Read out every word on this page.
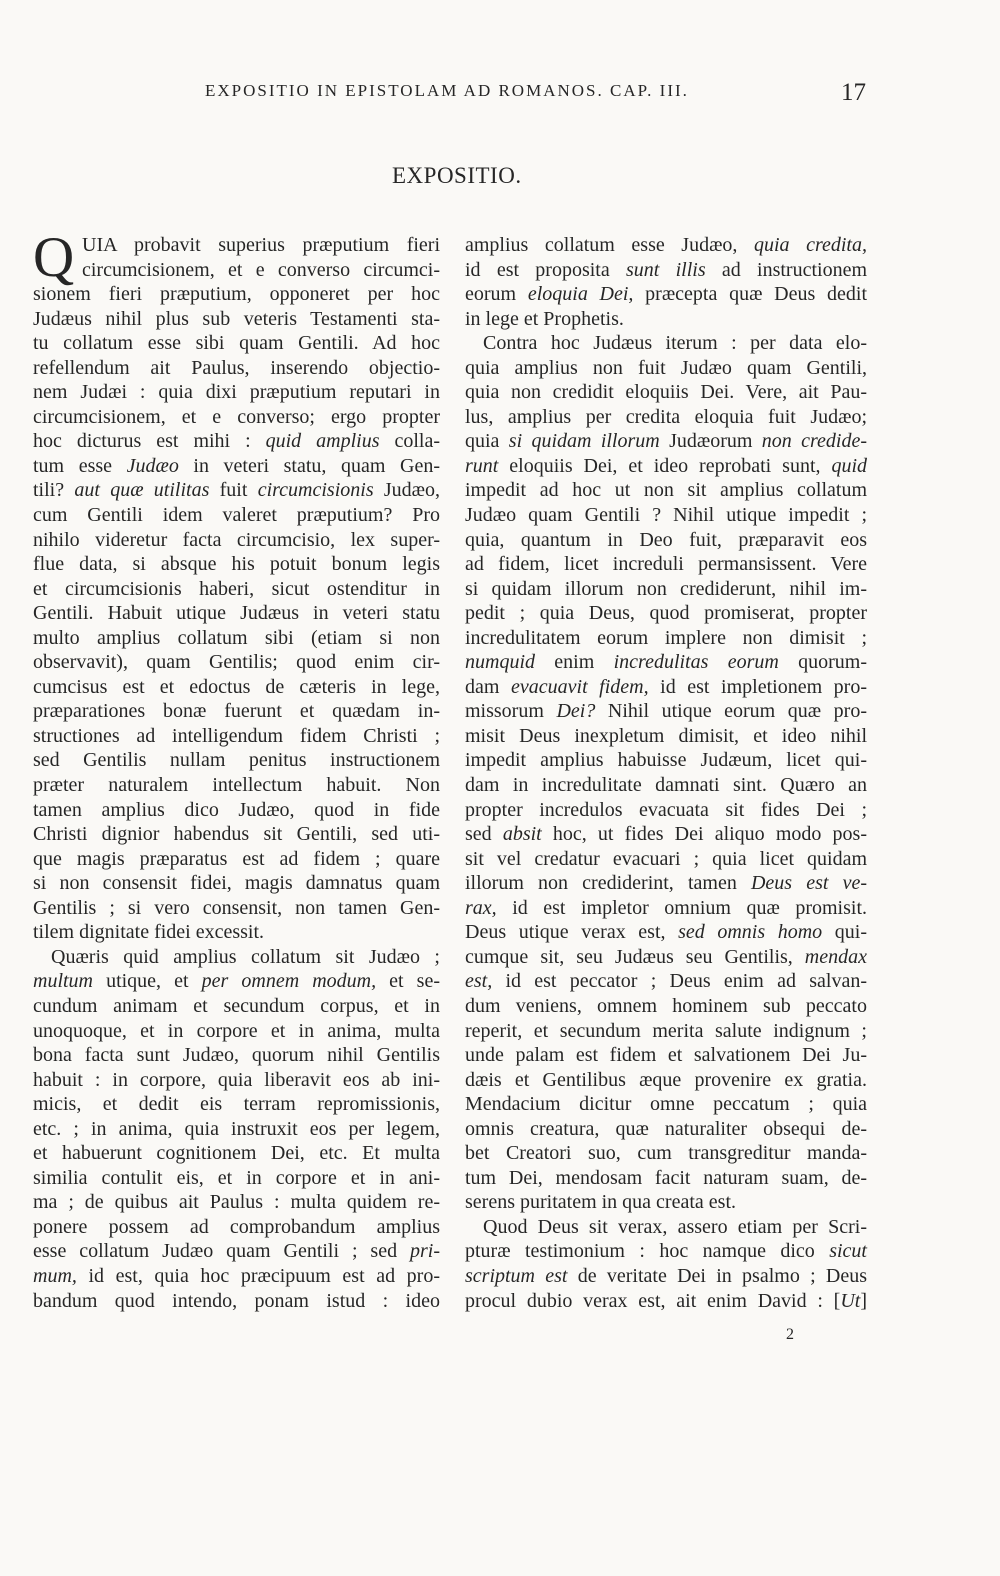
EXPOSITIO IN EPISTOLAM AD ROMANOS. CAP. III.	17
EXPOSITIO.
Q UIA probavit superius præputium fieri
circumcisionem, et e converso circumci-
sionem fieri præputium, opponeret per hoc
Judæus nihil plus sub veteris Testamenti sta-
tu collatum esse sibi quam Gentili. Ad hoc
refellendum ait Paulus, inserendo objectio-
nem Judæi : quia dixi præputium reputari in
circumcisionem, et e converso; ergo propter
hoc dicturus est mihi : quid amplius colla-
tum esse Judæo in veteri statu, quam Gen-
tili? aut quæ utilitas fuit circumcisionis Judæo,
cum Gentili idem valeret præputium? Pro
nihilo videretur facta circumcisio, lex super-
flue data, si absque his potuit bonum legis
et circumcisionis haberi, sicut ostenditur in
Gentili. Habuit utique Judæus in veteri statu
multo amplius collatum sibi (etiam si non
observavit), quam Gentilis; quod enim cir-
cumcisus est et edoctus de cæteris in lege,
præparationes bonæ fuerunt et quædam in-
structiones ad intelligendum fidem Christi ;
sed Gentilis nullam penitus instructionem
præter naturalem intellectum habuit. Non
tamen amplius dico Judæo, quod in fide
Christi dignior habendus sit Gentili, sed uti-
que magis præparatus est ad fidem ; quare
si non consensit fidei, magis damnatus quam
Gentilis ; si vero consensit, non tamen Gen-
tilem dignitate fidei excessit.
Quæris quid amplius collatum sit Judæo ;
multum utique, et per omnem modum, et se-
cundum animam et secundum corpus, et in
unoquoque, et in corpore et in anima, multa
bona facta sunt Judæo, quorum nihil Gentilis
habuit : in corpore, quia liberavit eos ab ini-
micis, et dedit eis terram repromissionis,
etc. ; in anima, quia instruxit eos per legem,
et habuerunt cognitionem Dei, etc. Et multa
similia contulit eis, et in corpore et in ani-
ma ; de quibus ait Paulus : multa quidem re-
ponere possem ad comprobandum amplius
esse collatum Judæo quam Gentili ; sed pri-
mum, id est, quia hoc præcipuum est ad pro-
bandum quod intendo, ponam istud : ideo
amplius collatum esse Judæo, quia credita,
id est proposita sunt illis ad instructionem
eorum eloquia Dei, præcepta quæ Deus dedit
in lege et Prophetis.
Contra hoc Judæus iterum : per data elo-
quia amplius non fuit Judæo quam Gentili,
quia non credidit eloquiis Dei. Vere, ait Pau-
lus, amplius per credita eloquia fuit Judæo;
quia si quidam illorum Judæorum non credide-
runt eloquiis Dei, et ideo reprobati sunt, quid
impedit ad hoc ut non sit amplius collatum
Judæo quam Gentili ? Nihil utique impedit ;
quia, quantum in Deo fuit, præparavit eos
ad fidem, licet increduli permansissent. Vere
si quidam illorum non crediderunt, nihil im-
pedit ; quia Deus, quod promiserat, propter
incredulitatem eorum implere non dimisit ;
numquid enim incredulitas eorum quorum-
dam evacuavit fidem, id est impletionem pro-
missorum Dei? Nihil utique eorum quæ pro-
misit Deus inexpletum dimisit, et ideo nihil
impedit amplius habuisse Judæum, licet qui-
dam in incredulitate damnati sint. Quæro an
propter incredulos evacuata sit fides Dei ;
sed absit hoc, ut fides Dei aliquo modo pos-
sit vel credatur evacuari ; quia licet quidam
illorum non crediderint, tamen Deus est ve-
rax, id est impletor omnium quæ promisit.
Deus utique verax est, sed omnis homo qui-
cumque sit, seu Judæus seu Gentilis, mendax
est, id est peccator ; Deus enim ad salvan-
dum veniens, omnem hominem sub peccato
reperit, et secundum merita salute indignum ;
unde palam est fidem et salvationem Dei Ju-
dæis et Gentilibus æque provenire ex gratia.
Mendacium dicitur omne peccatum ; quia
omnis creatura, quæ naturaliter obsequi de-
bet Creatori suo, cum transgreditur manda-
tum Dei, mendosam facit naturam suam, de-
serens puritatem in qua creata est.
Quod Deus sit verax, assero etiam per Scri-
pturæ testimonium : hoc namque dico sicut
scriptum est de veritate Dei in psalmo ; Deus
procul dubio verax est, ait enim David : [Ut]
2
